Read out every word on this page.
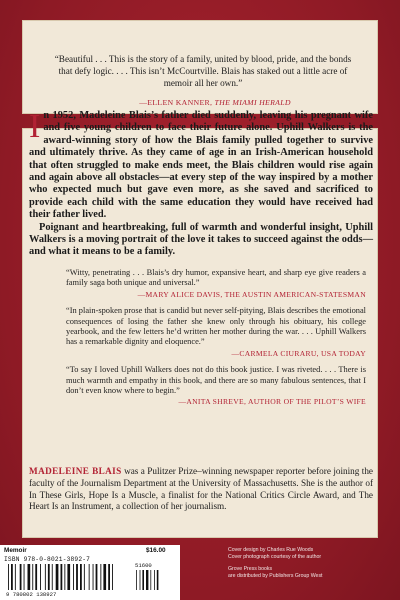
“Beautiful . . . This is the story of a family, united by blood, pride, and the bonds that defy logic. . . . This isn’t McCourtville. Blais has staked out a little acre of memoir all her own.”
—ELLEN KANNER, THE MIAMI HERALD
I n 1952, Madeleine Blais’s father died suddenly, leaving his pregnant wife and five young children to face their future alone. Uphill Walkers is the award-winning story of how the Blais family pulled together to survive and ultimately thrive. As they came of age in an Irish-American household that often struggled to make ends meet, the Blais children would rise again and again above all obstacles—at every step of the way inspired by a mother who expected much but gave even more, as she saved and sacrificed to provide each child with the same education they would have received had their father lived.

Poignant and heartbreaking, full of warmth and wonderful insight, Uphill Walkers is a moving portrait of the love it takes to succeed against the odds—and what it means to be a family.

“Witty, penetrating . . . Blais’s dry humor, expansive heart, and sharp eye give readers a family saga both unique and universal.”
—MARY ALICE DAVIS, THE AUSTIN AMERICAN-STATESMAN
“In plain-spoken prose that is candid but never self-pitying, Blais describes the emotional consequences of losing the father she knew only through his obituary, his college yearbook, and the few letters he’d written her mother during the war. . . . Uphill Walkers has a remarkable dignity and eloquence.”
—CARMELA CIURARU, USA TODAY
“To say I loved Uphill Walkers does not do this book justice. I was riveted. . . . There is much warmth and empathy in this book, and there are so many fabulous sentences, that I don’t even know where to begin.”
—ANITA SHREVE, AUTHOR OF THE PILOT’S WIFE
MADELEINE BLAIS was a Pulitzer Prize–winning newspaper reporter before joining the faculty of the Journalism Department at the University of Massachusetts. She is the author of In These Girls, Hope Is a Muscle, a finalist for the National Critics Circle Award, and The Heart Is an Instrument, a collection of her journalism.
Memoir	$16.00
ISBN 978-0-8021-3892-7
9 780802 138927
51600
Cover design by Charles Rue Woods
Cover photograph courtesy of the author
Grove Press books
are distributed by Publishers Group West
